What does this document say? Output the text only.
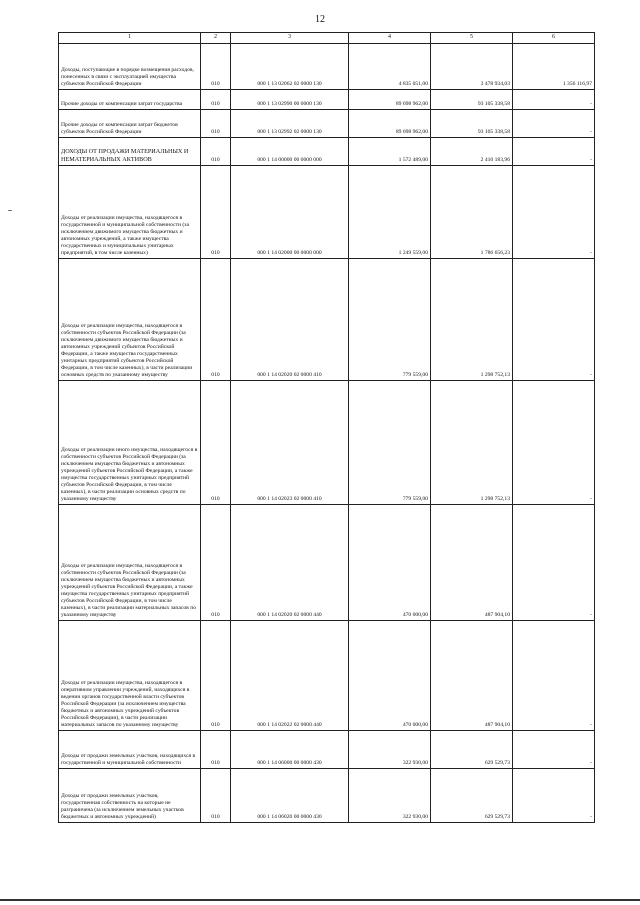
12
1	2	3	4	5	6
Доходы, поступающие в порядке возмещения расходов, понесенных в связи с эксплуатацией имущества субъектов Российской Федерации	010	000 1 13 02062 02 0000 130	4 835 051,00	3 478 934,03	1 356 116,97
Прочие доходы от компенсации затрат государства	010	000 1 13 02990 00 0000 130	89 698 962,00	93 105 338,58	-
Прочие доходы от компенсации затрат бюджетов субъектов Российской Федерации	010	000 1 13 02992 02 0000 130	89 698 962,00	93 105 338,58	-
ДОХОДЫ ОТ ПРОДАЖИ МАТЕРИАЛЬНЫХ И НЕМАТЕРИАЛЬНЫХ АКТИВОВ	010	000 1 14 00000 00 0000 000	1 572 489,00	2 410 183,96	-
Доходы от реализации имущества, находящегося в государственной и муниципальной собственности (за исключением движимого имущества бюджетных и автономных учреждений, а также имущества государственных и муниципальных унитарных предприятий, в том числе казенных)	010	000 1 14 02000 00 0000 000	1 249 559,00	1 786 656,23	-
Доходы от реализации имущества, находящегося в собственности субъектов Российской Федерации (за исключением движимого имущества бюджетных и автономных учреждений субъектов Российской Федерации, а также имущества государственных унитарных предприятий субъектов Российской Федерации, в том числе казенных), в части реализации основных средств по указанному имуществу	010	000 1 14 02020 02 0000 410	779 559,00	1 298 752,13	-
Доходы от реализации иного имущества, находящегося в собственности субъектов Российской Федерации (за исключением имущества бюджетных и автономных учреждений субъектов Российской Федерации, а также имущества государственных унитарных предприятий субъектов Российской Федерации, в том числе казенных), в части реализации основных средств по указанному имуществу	010	000 1 14 02023 02 0000 410	779 559,00	1 298 752,13	-
Доходы от реализации имущества, находящегося в собственности субъектов Российской Федерации (за исключением имущества бюджетных и автономных учреждений субъектов Российской Федерации, а также имущества государственных унитарных предприятий субъектов Российской Федерации, в том числе казенных), в части реализации материальных запасов по указанному имуществу	010	000 1 14 02020 02 0000 440	470 000,00	487 904,10	-
Доходы от реализации имущества, находящегося в оперативном управлении учреждений, находящихся в ведении органов государственной власти субъектов Российской Федерации (за исключением имущества бюджетных и автономных учреждений субъектов Российской Федерации), в части реализации материальных запасов по указанному имуществу	010	000 1 14 02022 02 0000 440	470 000,00	487 904,10	-
Доходы от продажи земельных участков, находящихся в государственной и муниципальной собственности	010	000 1 14 06000 00 0000 430	322 930,00	629 529,73	-
Доходы от продажи земельных участков, государственная собственность на которые не разграничена (за исключением земельных участков бюджетных и автономных учреждений)	010	000 1 14 06020 00 0000 430	322 930,00	629 529,73	-
